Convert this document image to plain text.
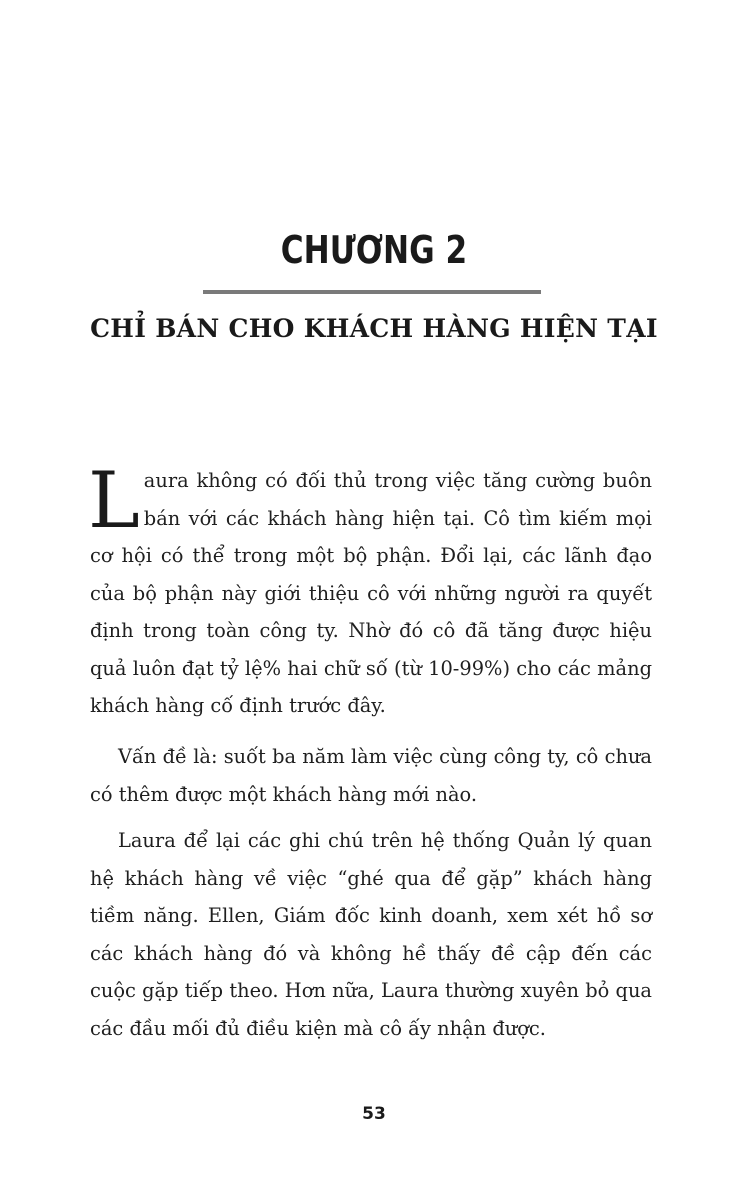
CHƯƠNG 2
CHỈ BÁN CHO KHÁCH HÀNG HIỆN TẠI

Laura không có đối thủ trong việc tăng cường buôn bán với các khách hàng hiện tại. Cô tìm kiếm mọi cơ hội có thể trong một bộ phận. Đổi lại, các lãnh đạo của bộ phận này giới thiệu cô với những người ra quyết định trong toàn công ty. Nhờ đó cô đã tăng được hiệu quả luôn đạt tỷ lệ% hai chữ số (từ 10-99%) cho các mảng khách hàng cố định trước đây.

Vấn đề là: suốt ba năm làm việc cùng công ty, cô chưa có thêm được một khách hàng mới nào.

Laura để lại các ghi chú trên hệ thống Quản lý quan hệ khách hàng về việc “ghé qua để gặp” khách hàng tiềm năng. Ellen, Giám đốc kinh doanh, xem xét hồ sơ các khách hàng đó và không hề thấy đề cập đến các cuộc gặp tiếp theo. Hơn nữa, Laura thường xuyên bỏ qua các đầu mối đủ điều kiện mà cô ấy nhận được.

53
